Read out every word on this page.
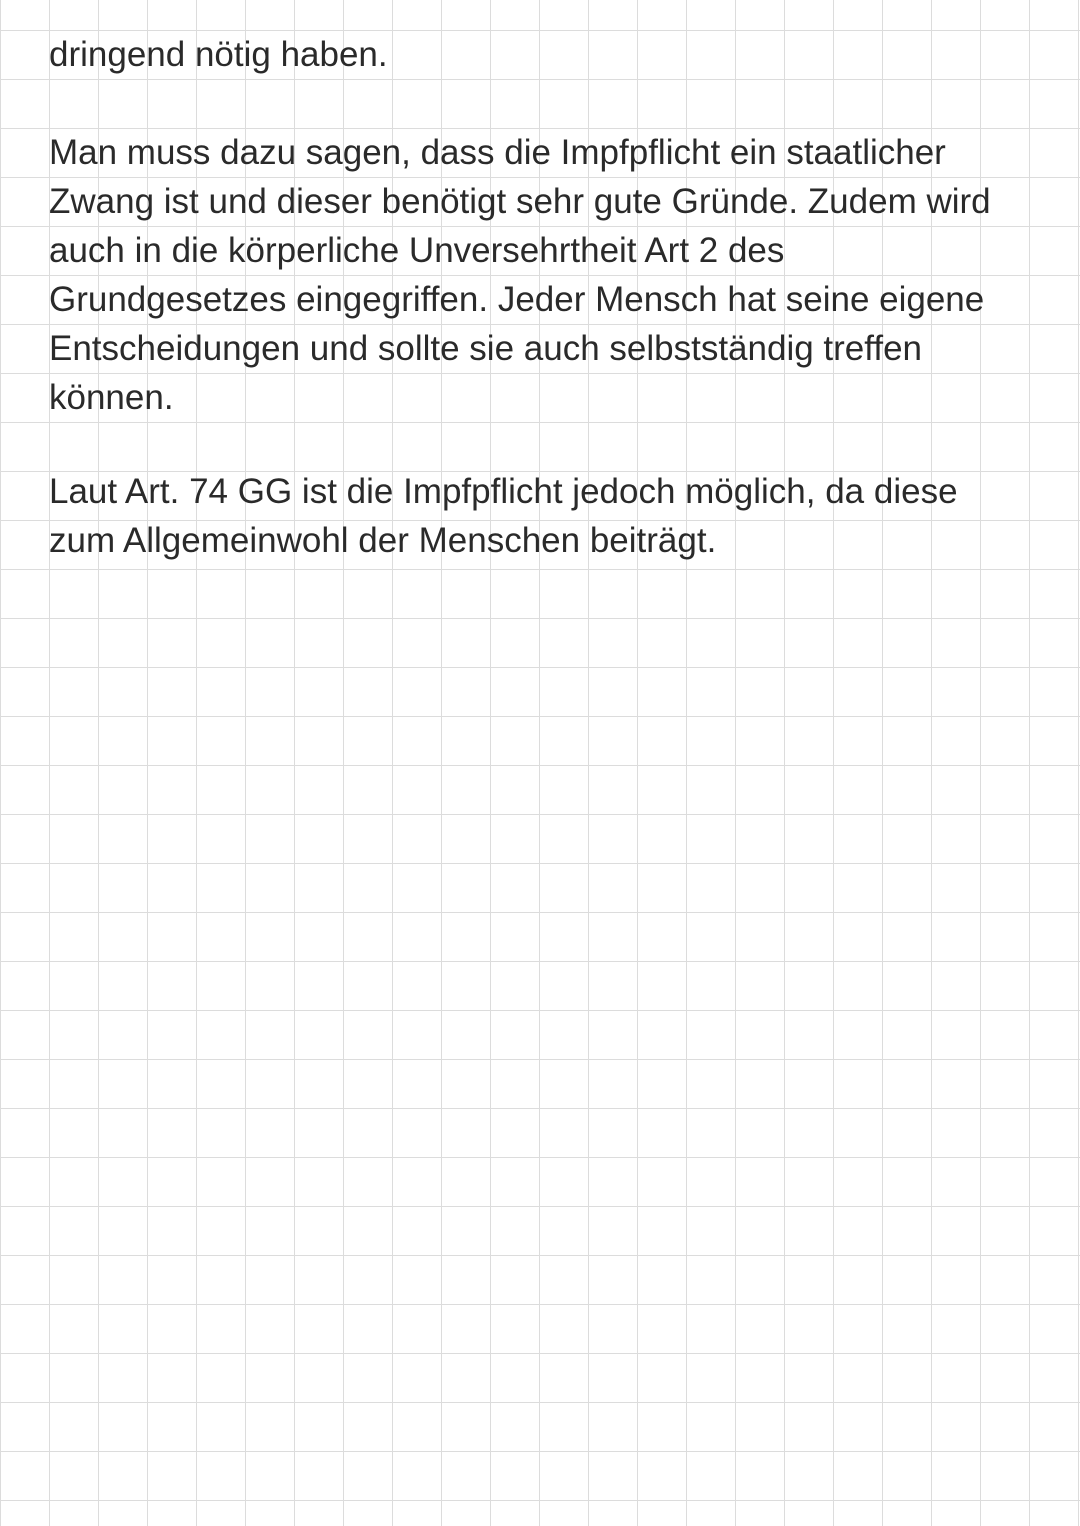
dringend nötig haben.

Man muss dazu sagen, dass die Impfpflicht ein staatlicher
Zwang ist und dieser benötigt sehr gute Gründe. Zudem wird
auch in die körperliche Unversehrtheit Art 2 des
Grundgesetzes eingegriffen. Jeder Mensch hat seine eigene
Entscheidungen und sollte sie auch selbstständig treffen
können.

Laut Art. 74 GG ist die Impfpflicht jedoch möglich, da diese
zum Allgemeinwohl der Menschen beiträgt.
